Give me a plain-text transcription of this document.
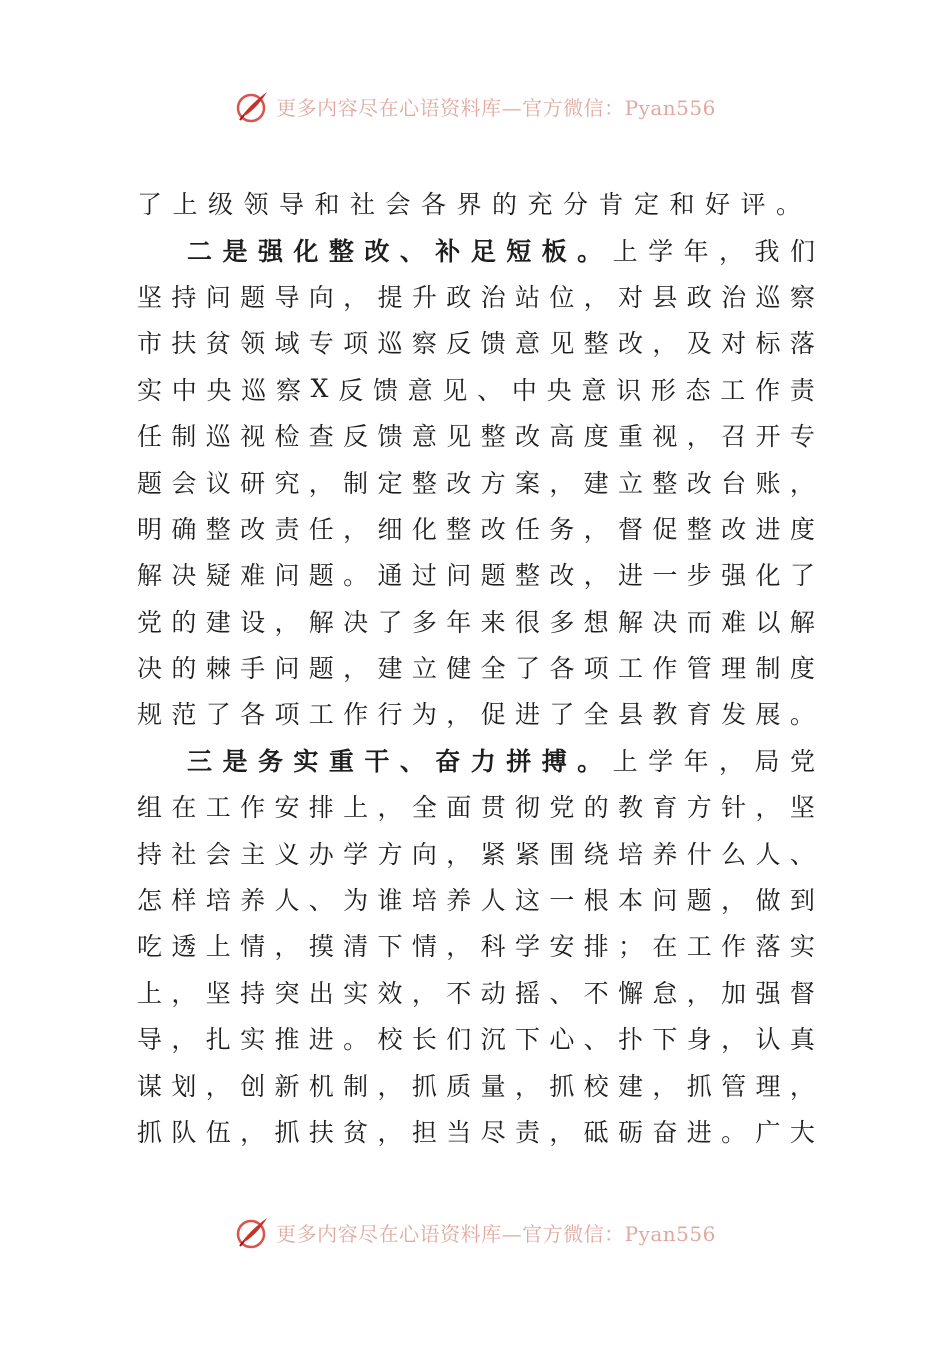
更多内容尽在心语资料库—官方微信：Pyan556
了上级领导和社会各界的充分肯定和好评。
二 是 强 化 整 改 、 补 足 短 板 。 上 学 年 ， 我 们
坚 持 问 题 导 向 ， 提 升 政 治 站 位 ， 对 县 政 治 巡 察
市 扶 贫 领 域 专 项 巡 察 反 馈 意 见 整 改 ， 及 对 标 落
实 中 央 巡 察 X 反 馈 意 见 、 中 央 意 识 形 态 工 作 责
任 制 巡 视 检 查 反 馈 意 见 整 改 高 度 重 视 ， 召 开 专
题 会 议 研 究 ， 制 定 整 改 方 案 ， 建 立 整 改 台 账 ，
明 确 整 改 责 任 ， 细 化 整 改 任 务 ， 督 促 整 改 进 度
解 决 疑 难 问 题 。 通 过 问 题 整 改 ， 进 一 步 强 化 了
党 的 建 设 ， 解 决 了 多 年 来 很 多 想 解 决 而 难 以 解
决 的 棘 手 问 题 ， 建 立 健 全 了 各 项 工 作 管 理 制 度
规 范 了 各 项 工 作 行 为 ， 促 进 了 全 县 教 育 发 展 。
三 是 务 实 重 干 、 奋 力 拼 搏 。 上 学 年 ， 局 党
组 在 工 作 安 排 上 ， 全 面 贯 彻 党 的 教 育 方 针 ， 坚
持 社 会 主 义 办 学 方 向 ， 紧 紧 围 绕 培 养 什 么 人 、
怎 样 培 养 人 、 为 谁 培 养 人 这 一 根 本 问 题 ， 做 到
吃 透 上 情 ， 摸 清 下 情 ， 科 学 安 排 ； 在 工 作 落 实
上 ， 坚 持 突 出 实 效 ， 不 动 摇 、 不 懈 怠 ， 加 强 督
导 ， 扎 实 推 进 。 校 长 们 沉 下 心 、 扑 下 身 ， 认 真
谋 划 ， 创 新 机 制 ， 抓 质 量 ， 抓 校 建 ， 抓 管 理 ，
抓 队 伍 ， 抓 扶 贫 ， 担 当 尽 责 ， 砥 砺 奋 进 。 广 大
更多内容尽在心语资料库—官方微信：Pyan556
